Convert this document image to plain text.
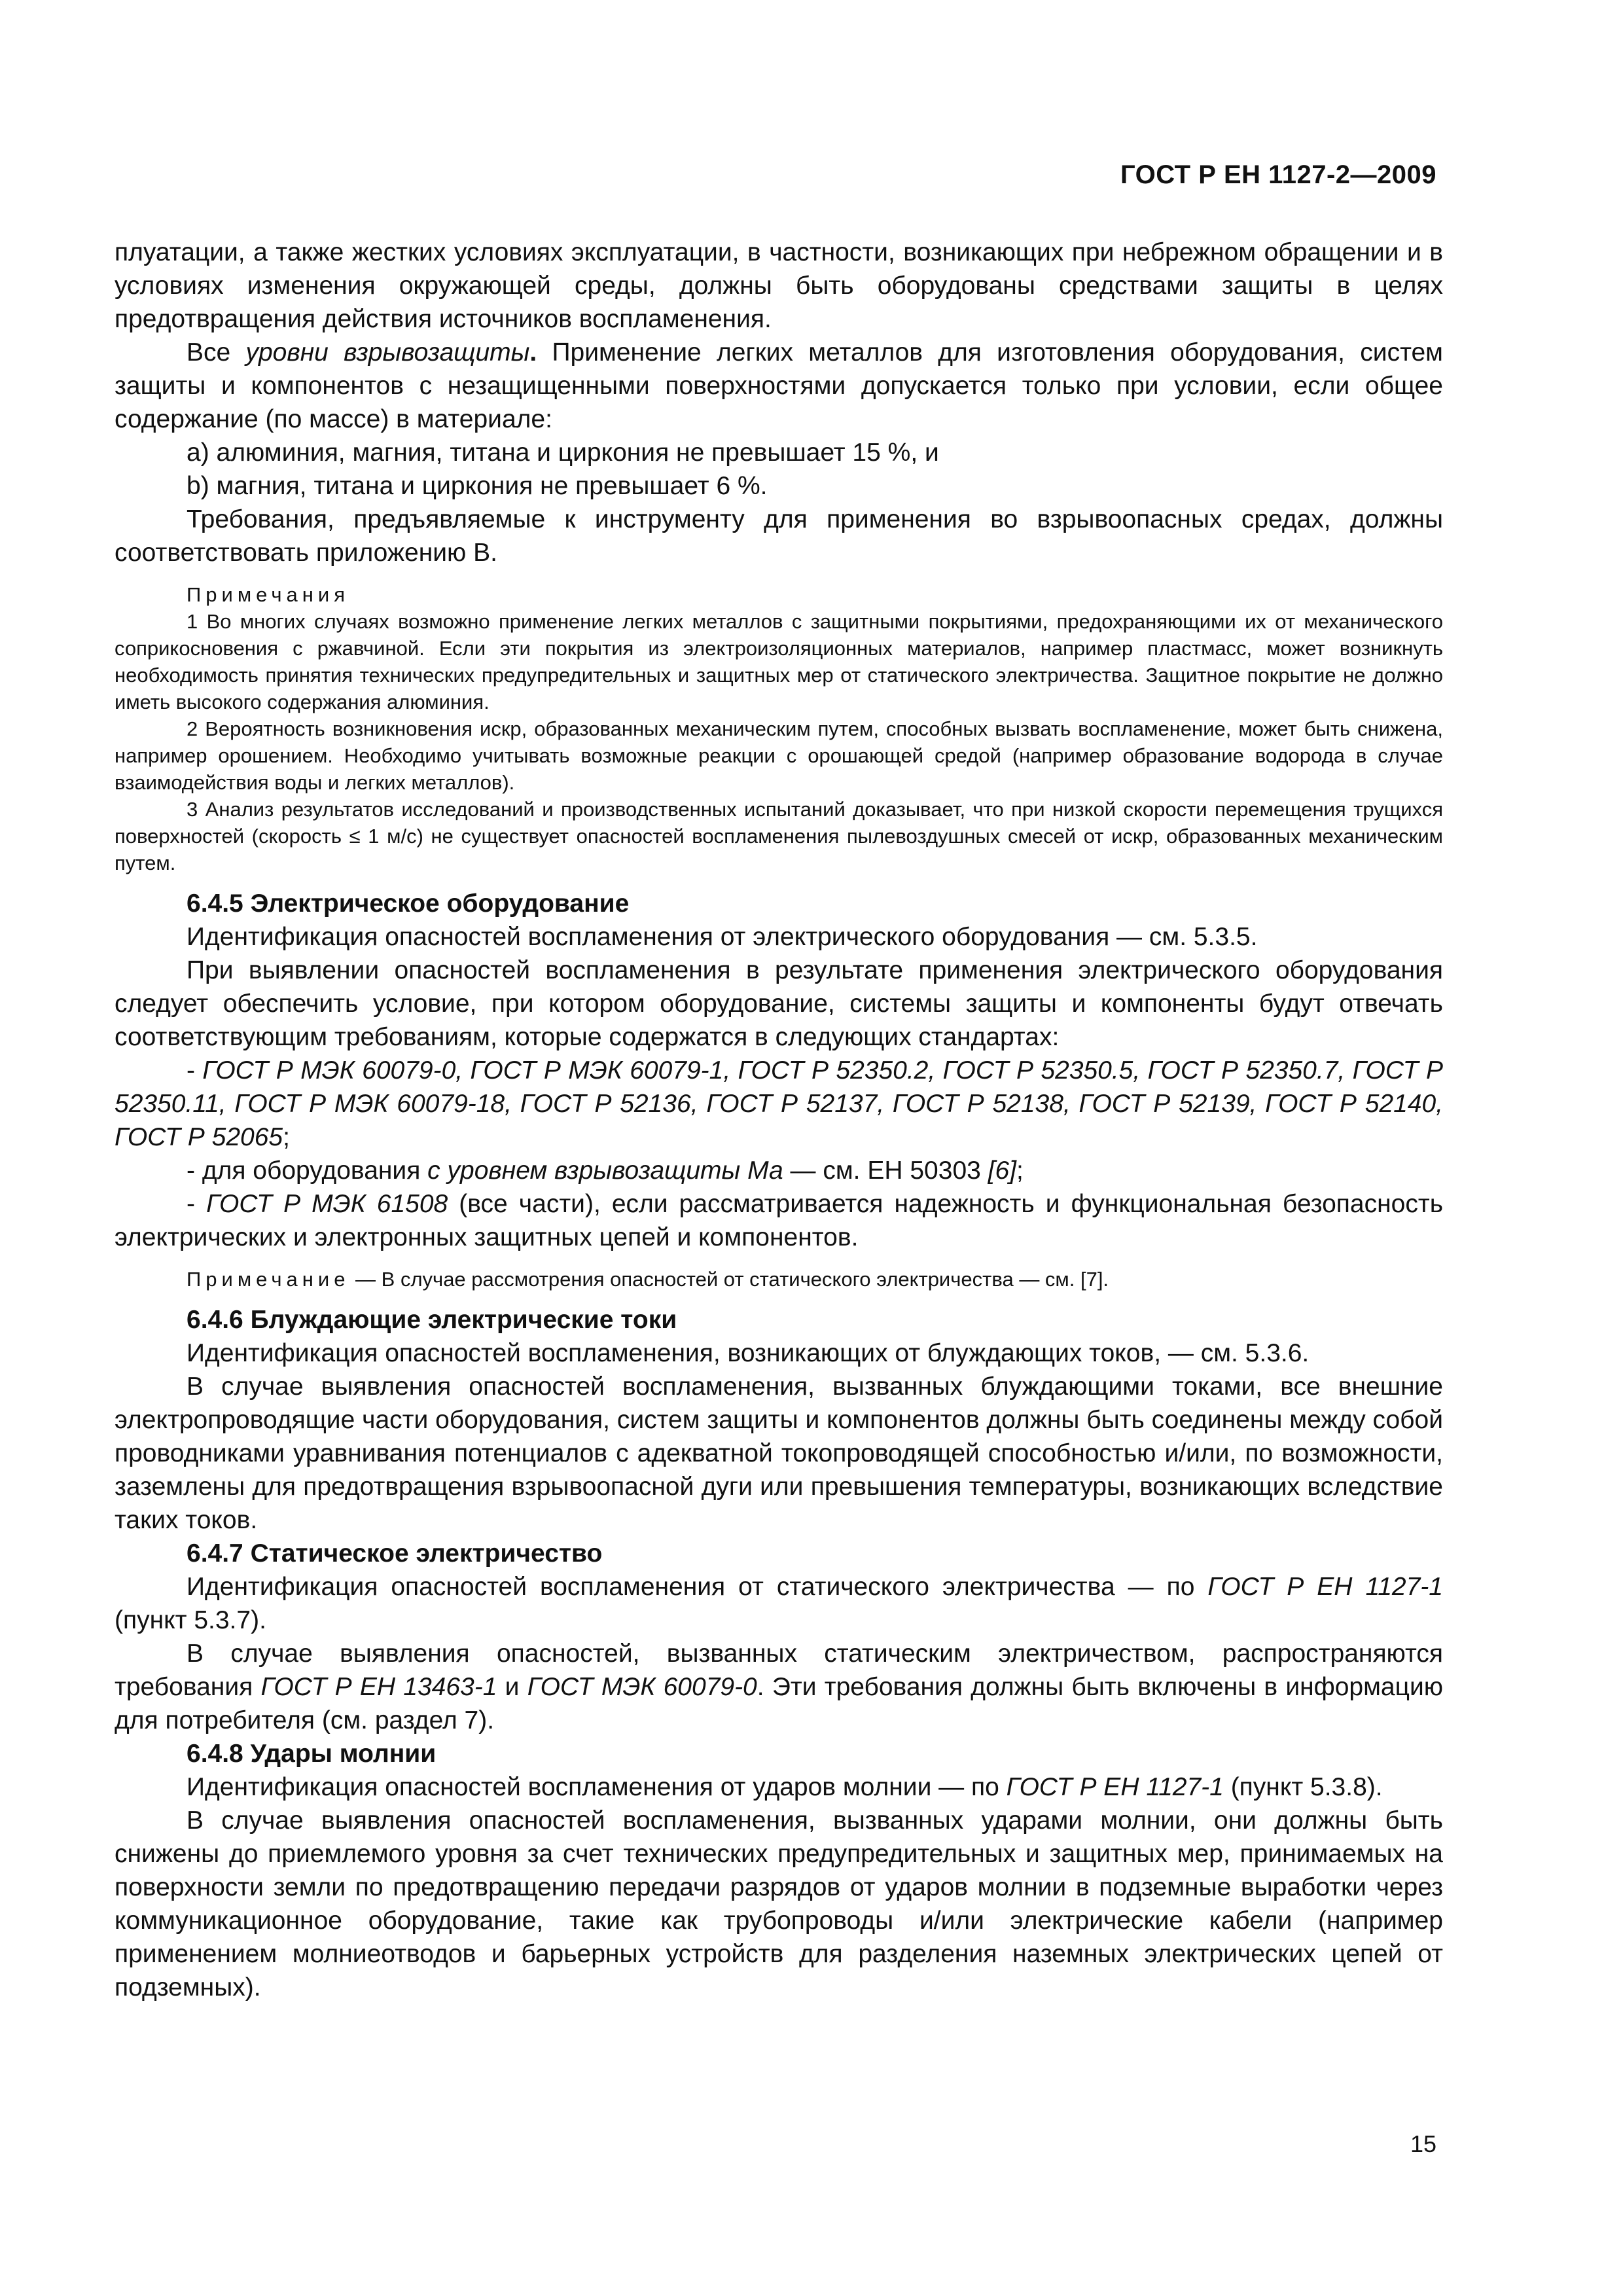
ГОСТ Р ЕН 1127-2—2009

плуатации, а также жестких условиях эксплуатации, в частности, возникающих при небрежном обращении и в условиях изменения окружающей среды, должны быть оборудованы средствами защиты в целях предотвращения действия источников воспламенения.

Все уровни взрывозащиты. Применение легких металлов для изготовления оборудования, систем защиты и компонентов с незащищенными поверхностями допускается только при условии, если общее содержание (по массе) в материале:

а) алюминия, магния, титана и циркония не превышает 15 %, и

b) магния, титана и циркония не превышает 6 %.

Требования, предъявляемые к инструменту для применения во взрывоопасных средах, должны соответствовать приложению В.

Примечания

1 Во многих случаях возможно применение легких металлов с защитными покрытиями, предохраняющими их от механического соприкосновения с ржавчиной. Если эти покрытия из электроизоляционных материалов, например пластмасс, может возникнуть необходимость принятия технических предупредительных и защитных мер от статического электричества. Защитное покрытие не должно иметь высокого содержания алюминия.

2 Вероятность возникновения искр, образованных механическим путем, способных вызвать воспламенение, может быть снижена, например орошением. Необходимо учитывать возможные реакции с орошающей средой (например образование водорода в случае взаимодействия воды и легких металлов).

3 Анализ результатов исследований и производственных испытаний доказывает, что при низкой скорости перемещения трущихся поверхностей (скорость ≤ 1 м/с) не существует опасностей воспламенения пылевоздушных смесей от искр, образованных механическим путем.

6.4.5 Электрическое оборудование

Идентификация опасностей воспламенения от электрического оборудования — см. 5.3.5.

При выявлении опасностей воспламенения в результате применения электрического оборудования следует обеспечить условие, при котором оборудование, системы защиты и компоненты будут отвечать соответствующим требованиям, которые содержатся в следующих стандартах:

- ГОСТ Р МЭК 60079-0, ГОСТ Р МЭК 60079-1, ГОСТ Р 52350.2, ГОСТ Р 52350.5, ГОСТ Р 52350.7, ГОСТ Р 52350.11, ГОСТ Р МЭК 60079-18, ГОСТ Р 52136, ГОСТ Р 52137, ГОСТ Р 52138, ГОСТ Р 52139, ГОСТ Р 52140, ГОСТ Р 52065;

- для оборудования с уровнем взрывозащиты Ма — см. ЕН 50303 [6];

- ГОСТ Р МЭК 61508 (все части), если рассматривается надежность и функциональная безопасность электрических и электронных защитных цепей и компонентов.

Примечание — В случае рассмотрения опасностей от статического электричества — см. [7].

6.4.6 Блуждающие электрические токи

Идентификация опасностей воспламенения, возникающих от блуждающих токов, — см. 5.3.6.

В случае выявления опасностей воспламенения, вызванных блуждающими токами, все внешние электропроводящие части оборудования, систем защиты и компонентов должны быть соединены между собой проводниками уравнивания потенциалов с адекватной токопроводящей способностью и/или, по возможности, заземлены для предотвращения взрывоопасной дуги или превышения температуры, возникающих вследствие таких токов.

6.4.7 Статическое электричество

Идентификация опасностей воспламенения от статического электричества — по ГОСТ Р ЕН 1127-1 (пункт 5.3.7).

В случае выявления опасностей, вызванных статическим электричеством, распространяются требования ГОСТ Р ЕН 13463-1 и ГОСТ МЭК 60079-0. Эти требования должны быть включены в информацию для потребителя (см. раздел 7).

6.4.8 Удары молнии

Идентификация опасностей воспламенения от ударов молнии — по ГОСТ Р ЕН 1127-1 (пункт 5.3.8).

В случае выявления опасностей воспламенения, вызванных ударами молнии, они должны быть снижены до приемлемого уровня за счет технических предупредительных и защитных мер, принимаемых на поверхности земли по предотвращению передачи разрядов от ударов молнии в подземные выработки через коммуникационное оборудование, такие как трубопроводы и/или электрические кабели (например применением молниеотводов и барьерных устройств для разделения наземных электрических цепей от подземных).

15
